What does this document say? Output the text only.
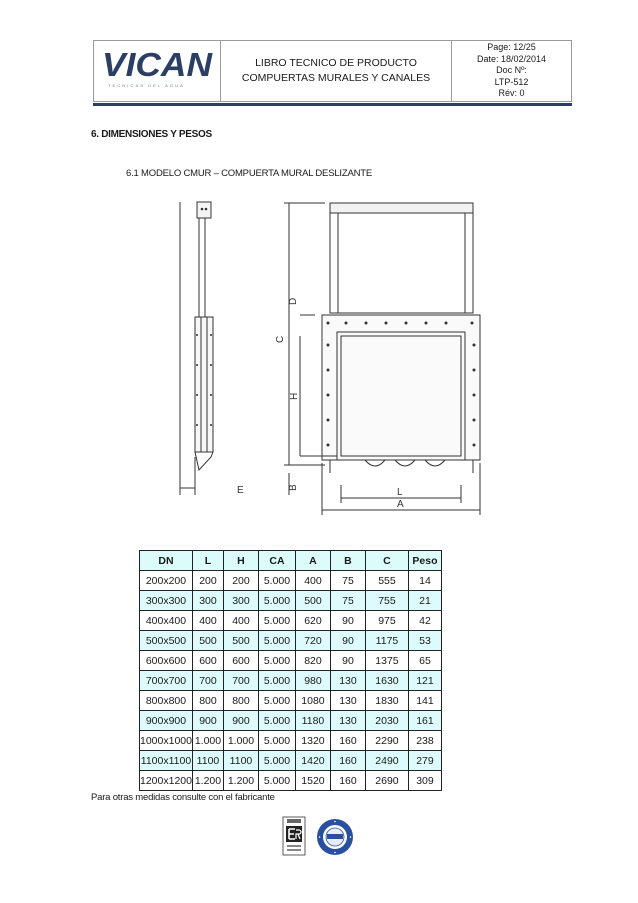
VICAN
TECNICAS DEL AGUA
LIBRO TECNICO DE PRODUCTO
COMPUERTAS MURALES Y CANALES
Page: 12/25
Date: 18/02/2014
Doc Nº:
LTP-512
Rév: 0
6. DIMENSIONES Y PESOS
6.1 MODELO CMUR – COMPUERTA MURAL DESLIZANTE
E	L
A
D
C
H
B
DN	L	H	CA	A	B	C	Peso
200x200	200	200	5.000	400	75	555	14
300x300	300	300	5.000	500	75	755	21
400x400	400	400	5.000	620	90	975	42
500x500	500	500	5.000	720	90	1175	53
600x600	600	600	5.000	820	90	1375	65
700x700	700	700	5.000	980	130	1630	121
800x800	800	800	5.000	1080	130	1830	141
900x900	900	900	5.000	1180	130	2030	161
1000x1000	1.000	1.000	5.000	1320	160	2290	238
1100x1100	1100	1100	5.000	1420	160	2490	279
1200x1200	1.200	1.200	5.000	1520	160	2690	309
Para otras medidas consulte con el fabricante
